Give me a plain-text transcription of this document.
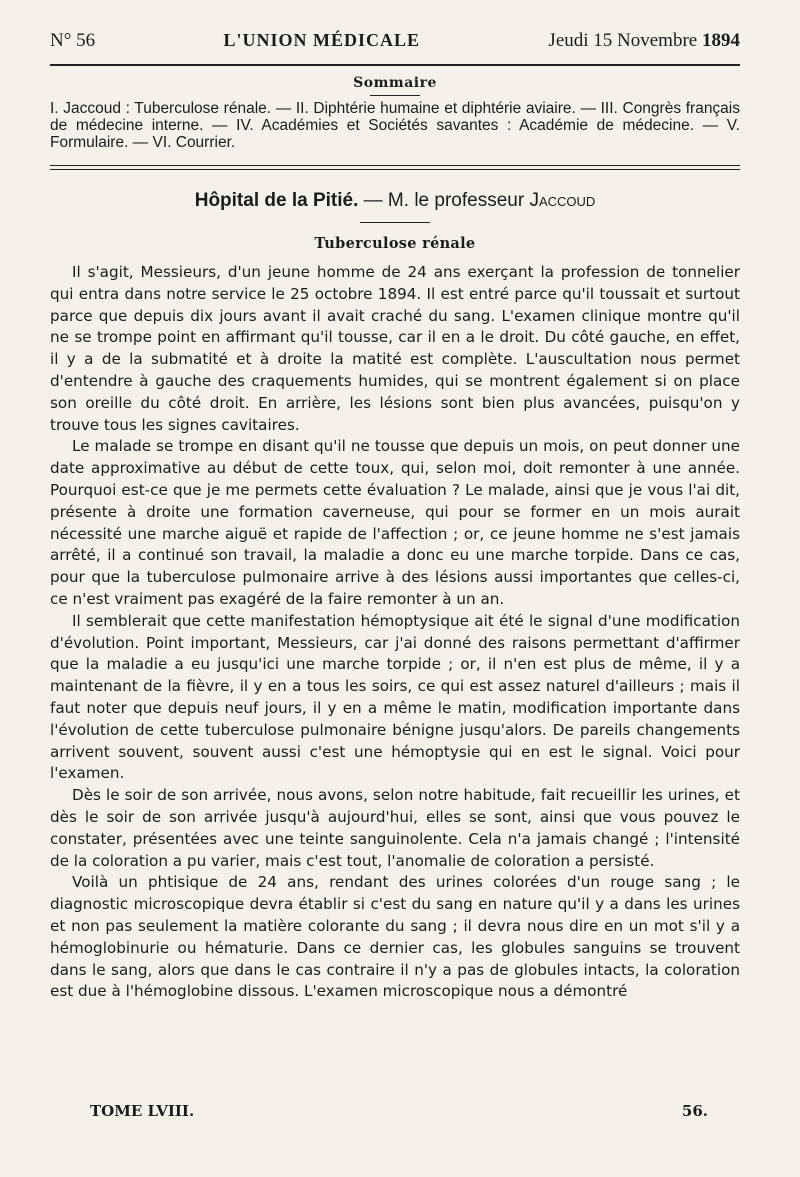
N° 56	L'UNION MÉDICALE	Jeudi 15 Novembre 1894
Sommaire
I. Jaccoud : Tuberculose rénale. — II. Diphtérie humaine et diphtérie aviaire. — III. Congrès français de médecine interne. — IV. Académies et Sociétés savantes : Académie de médecine. — V. Formulaire. — VI. Courrier.
Hôpital de la Pitié. — M. le professeur Jaccoud
Tuberculose rénale

Il s'agit, Messieurs, d'un jeune homme de 24 ans exerçant la profession de tonnelier qui entra dans notre service le 25 octobre 1894. Il est entré parce qu'il toussait et surtout parce que depuis dix jours avant il avait craché du sang. L'examen clinique montre qu'il ne se trompe point en affirmant qu'il tousse, car il en a le droit. Du côté gauche, en effet, il y a de la submatité et à droite la matité est complète. L'auscultation nous permet d'entendre à gauche des craquements humides, qui se montrent également si on place son oreille du côté droit. En arrière, les lésions sont bien plus avancées, puisqu'on y trouve tous les signes cavitaires.

Le malade se trompe en disant qu'il ne tousse que depuis un mois, on peut donner une date approximative au début de cette toux, qui, selon moi, doit remonter à une année. Pourquoi est-ce que je me permets cette évaluation ? Le malade, ainsi que je vous l'ai dit, présente à droite une formation caverneuse, qui pour se former en un mois aurait nécessité une marche aiguë et rapide de l'affection ; or, ce jeune homme ne s'est jamais arrêté, il a continué son travail, la maladie a donc eu une marche torpide. Dans ce cas, pour que la tuberculose pulmonaire arrive à des lésions aussi importantes que celles-ci, ce n'est vraiment pas exagéré de la faire remonter à un an.

Il semblerait que cette manifestation hémoptysique ait été le signal d'une modification d'évolution. Point important, Messieurs, car j'ai donné des raisons permettant d'affirmer que la maladie a eu jusqu'ici une marche torpide ; or, il n'en est plus de même, il y a maintenant de la fièvre, il y en a tous les soirs, ce qui est assez naturel d'ailleurs ; mais il faut noter que depuis neuf jours, il y en a même le matin, modification importante dans l'évolution de cette tuberculose pulmonaire bénigne jusqu'alors. De pareils changements arrivent souvent, souvent aussi c'est une hémoptysie qui en est le signal. Voici pour l'examen.

Dès le soir de son arrivée, nous avons, selon notre habitude, fait recueillir les urines, et dès le soir de son arrivée jusqu'à aujourd'hui, elles se sont, ainsi que vous pouvez le constater, présentées avec une teinte sanguinolente. Cela n'a jamais changé ; l'intensité de la coloration a pu varier, mais c'est tout, l'anomalie de coloration a persisté.

Voilà un phtisique de 24 ans, rendant des urines colorées d'un rouge sang ; le diagnostic microscopique devra établir si c'est du sang en nature qu'il y a dans les urines et non pas seulement la matière colorante du sang ; il devra nous dire en un mot s'il y a hémoglobinurie ou hématurie. Dans ce dernier cas, les globules sanguins se trouvent dans le sang, alors que dans le cas contraire il n'y a pas de globules intacts, la coloration est due à l'hémoglobine dissous. L'examen microscopique nous a démontré

TOME LVIII.	56.
